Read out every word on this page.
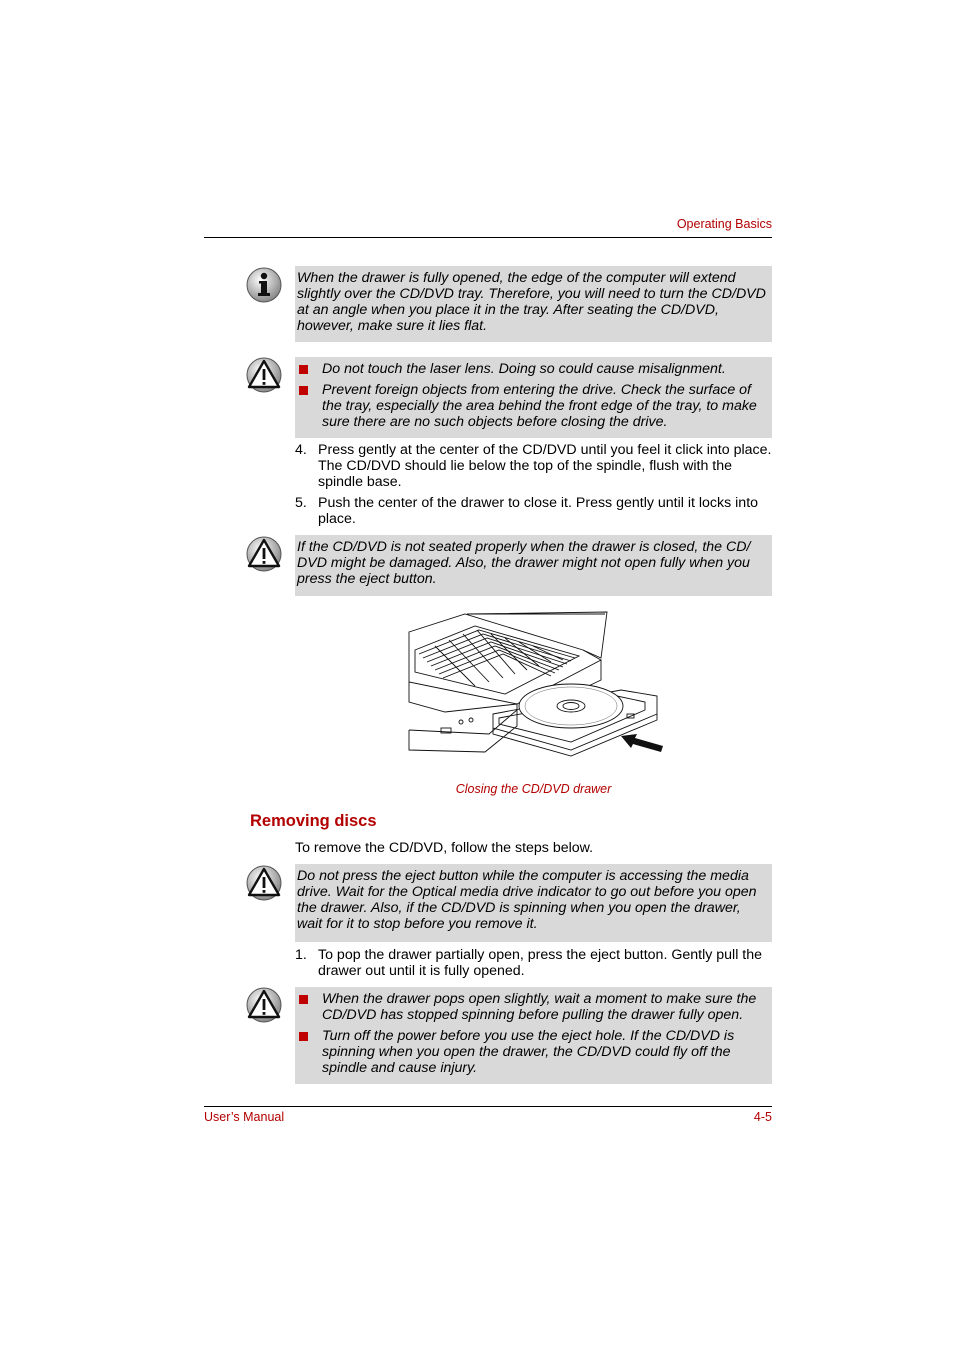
Operating Basics

When the drawer is fully opened, the edge of the computer will extend slightly over the CD/DVD tray. Therefore, you will need to turn the CD/DVD at an angle when you place it in the tray. After seating the CD/DVD, however, make sure it lies flat.

Do not touch the laser lens. Doing so could cause misalignment.
Prevent foreign objects from entering the drive. Check the surface of the tray, especially the area behind the front edge of the tray, to make sure there are no such objects before closing the drive.
4. Press gently at the center of the CD/DVD until you feel it click into place. The CD/DVD should lie below the top of the spindle, flush with the spindle base.
5. Push the center of the drawer to close it. Press gently until it locks into place.

If the CD/DVD is not seated properly when the drawer is closed, the CD/ DVD might be damaged. Also, the drawer might not open fully when you press the eject button.

Closing the CD/DVD drawer
Removing discs
To remove the CD/DVD, follow the steps below.

Do not press the eject button while the computer is accessing the media drive. Wait for the Optical media drive indicator to go out before you open the drawer. Also, if the CD/DVD is spinning when you open the drawer, wait for it to stop before you remove it.

1. To pop the drawer partially open, press the eject button. Gently pull the drawer out until it is fully opened.
When the drawer pops open slightly, wait a moment to make sure the CD/DVD has stopped spinning before pulling the drawer fully open.
Turn off the power before you use the eject hole. If the CD/DVD is spinning when you open the drawer, the CD/DVD could fly off the spindle and cause injury.
User’s Manual	4-5
